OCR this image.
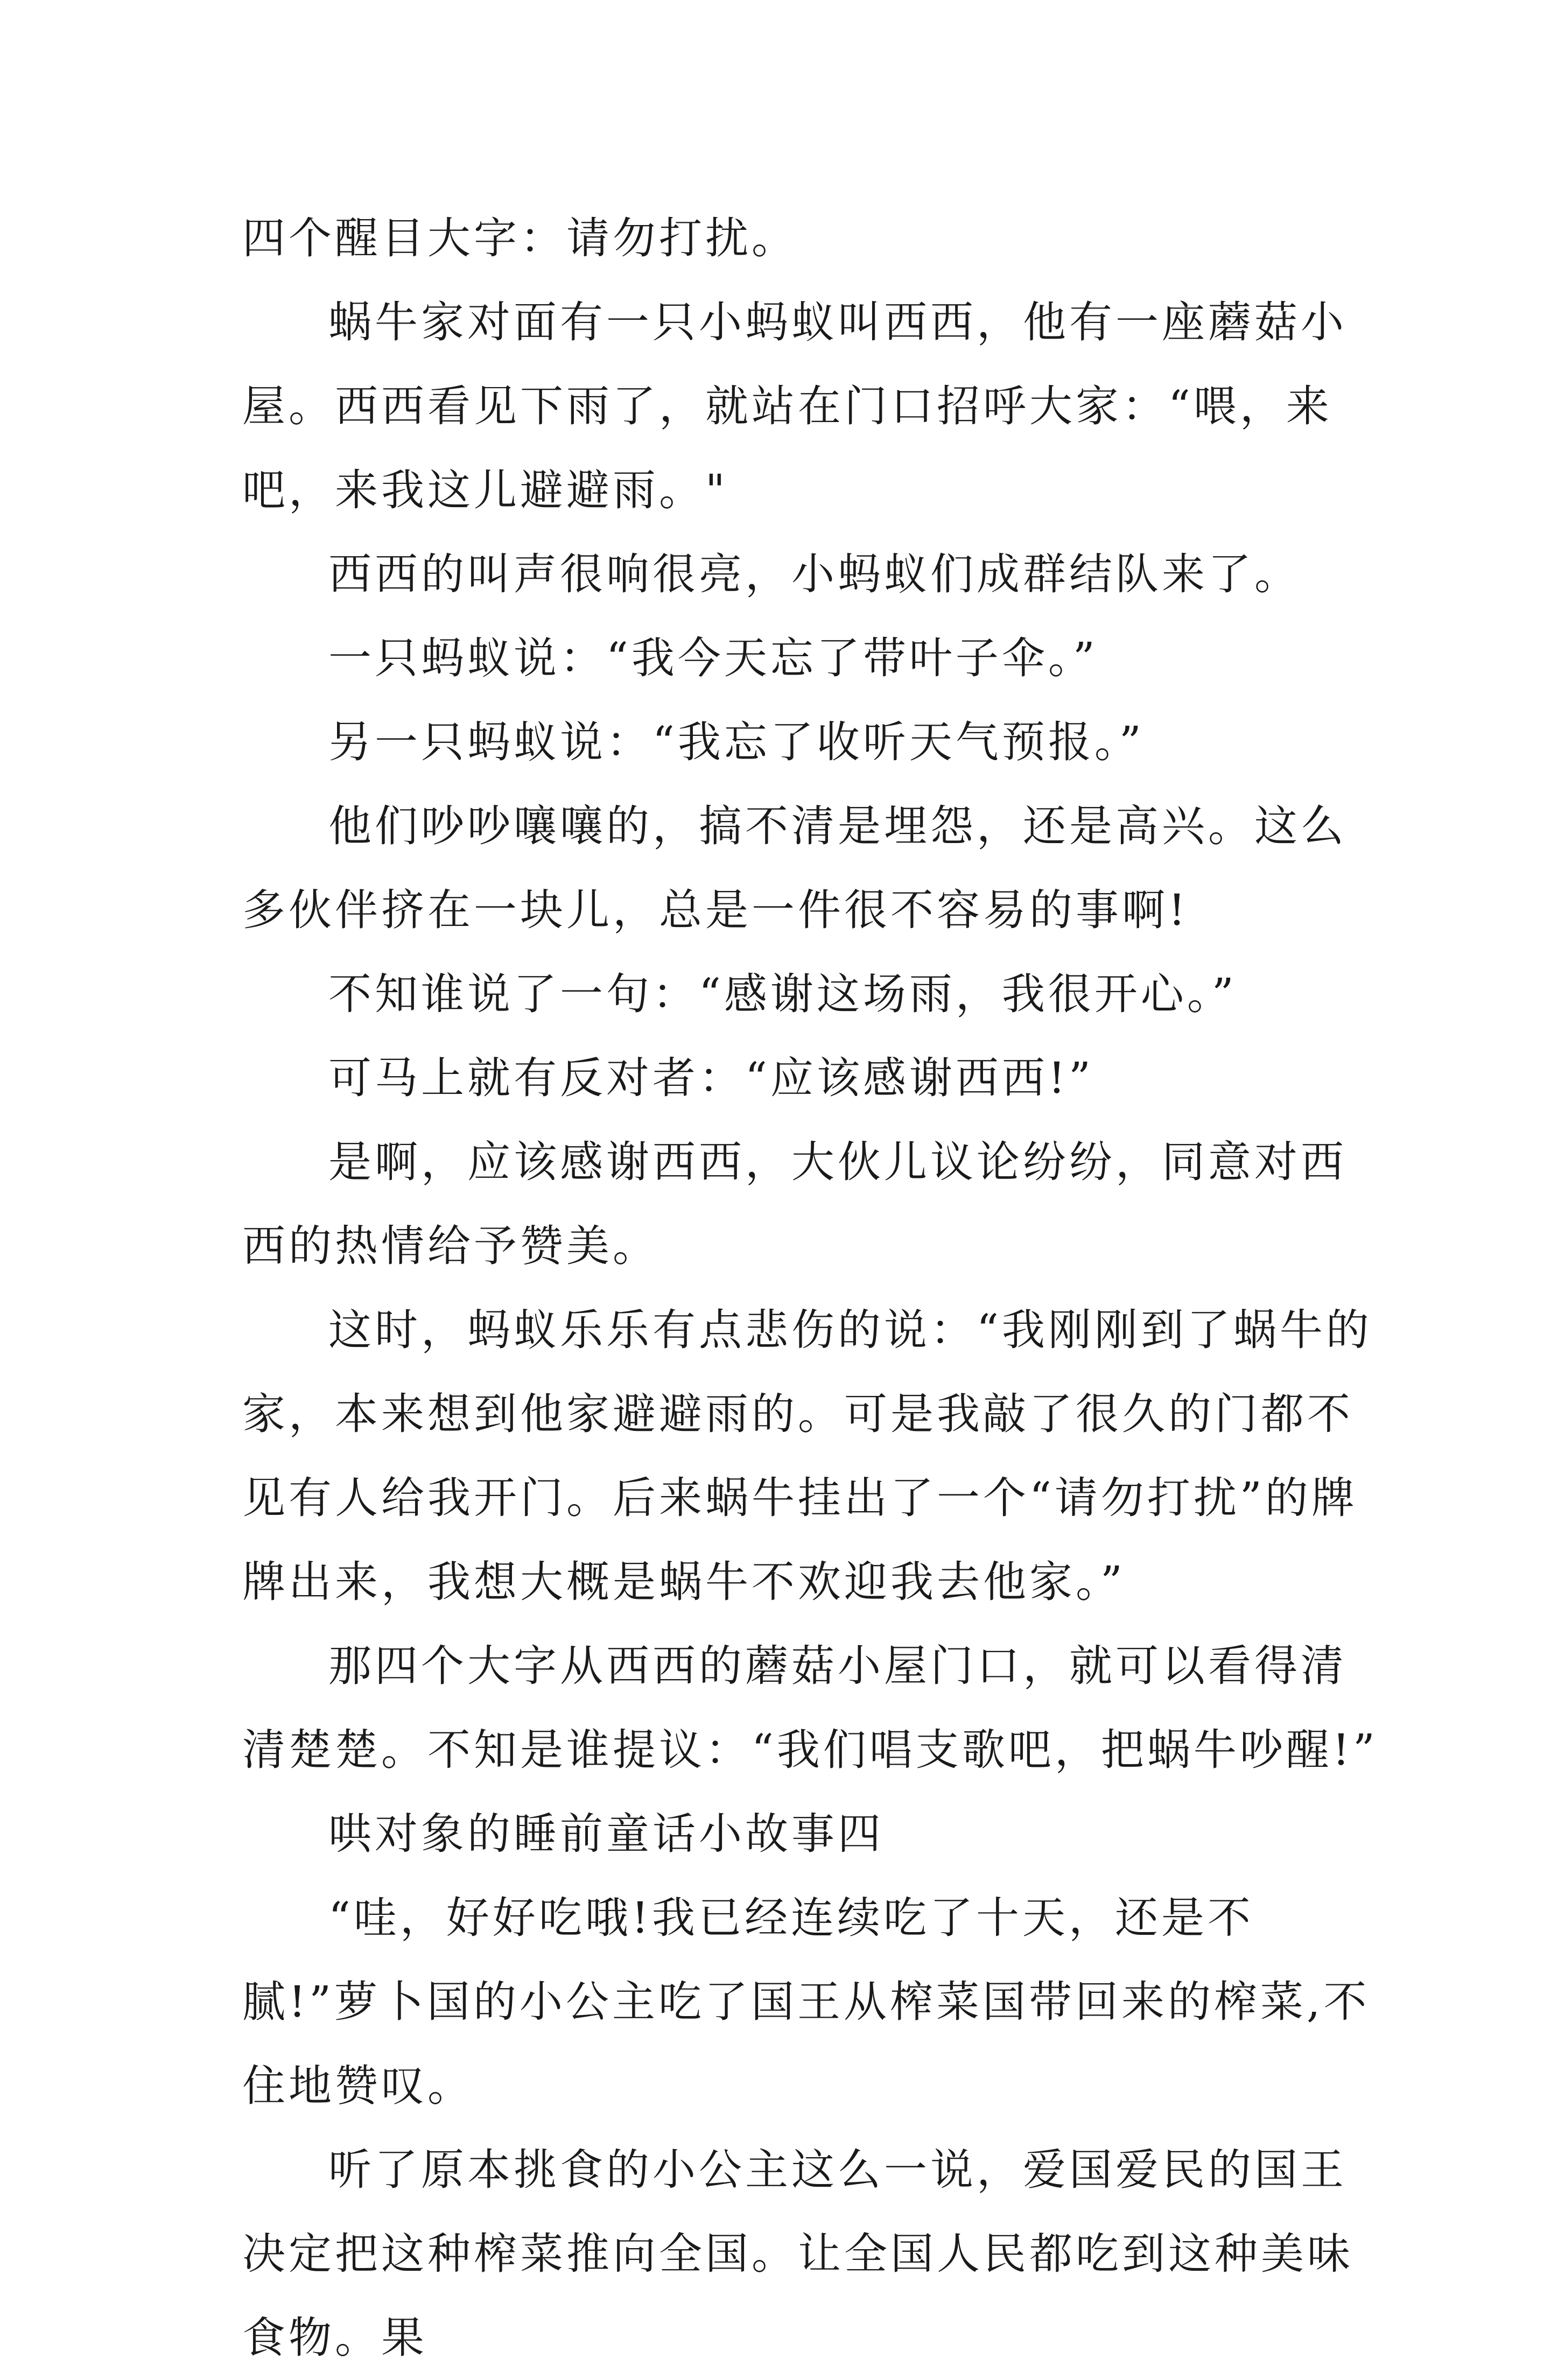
四个醒目大字：请勿打扰。

蜗牛家对面有一只小蚂蚁叫西西，他有一座蘑菇小屋。西西看见下雨了，就站在门口招呼大家：“喂，来吧，来我这儿避避雨。"

西西的叫声很响很亮，小蚂蚁们成群结队来了。

一只蚂蚁说：“我今天忘了带叶子伞。”

另一只蚂蚁说：“我忘了收听天气预报。”

他们吵吵嚷嚷的，搞不清是埋怨，还是高兴。这么多伙伴挤在一块儿，总是一件很不容易的事啊!

不知谁说了一句：“感谢这场雨，我很开心。”

可马上就有反对者：“应该感谢西西!”

是啊，应该感谢西西，大伙儿议论纷纷，同意对西西的热情给予赞美。

这时，蚂蚁乐乐有点悲伤的说：“我刚刚到了蜗牛的家，本来想到他家避避雨的。可是我敲了很久的门都不见有人给我开门。后来蜗牛挂出了一个“请勿打扰”的牌牌出来，我想大概是蜗牛不欢迎我去他家。”

那四个大字从西西的蘑菇小屋门口，就可以看得清清楚楚。不知是谁提议：“我们唱支歌吧，把蜗牛吵醒!”

哄对象的睡前童话小故事四

“哇，好好吃哦!我已经连续吃了十天，还是不腻!”萝卜国的小公主吃了国王从榨菜国带回来的榨菜,不住地赞叹。

听了原本挑食的小公主这么一说，爱国爱民的国王决定把这种榨菜推向全国。让全国人民都吃到这种美味食物。果
